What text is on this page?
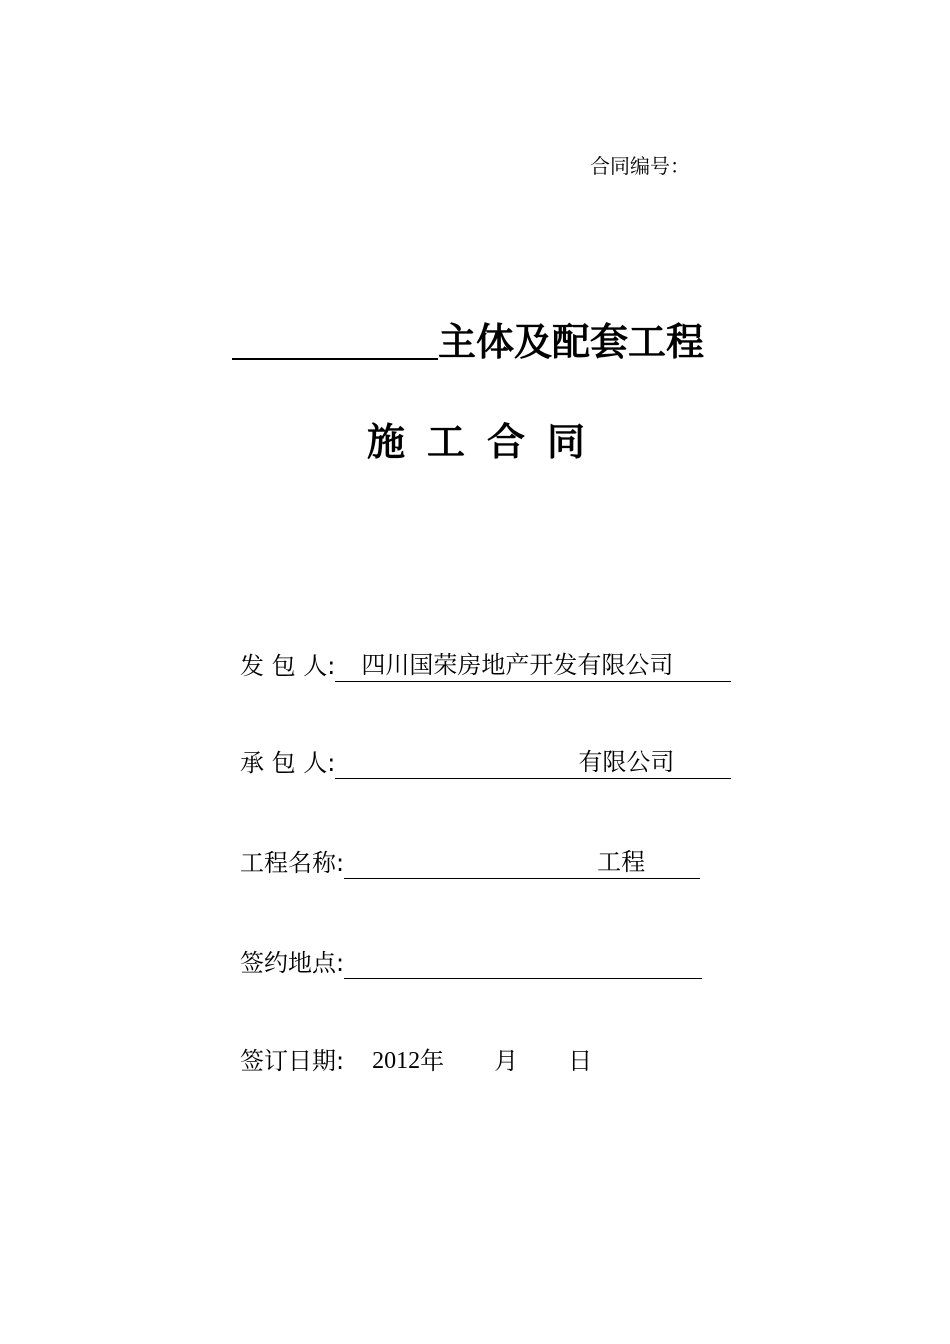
合同编号：
主体及配套工程
施工合同
发 包 人:	四川国荣房地产开发有限公司
承 包 人:	有限公司
工程名称:	工程
签约地点:
签订日期: 2012 年 月 日
